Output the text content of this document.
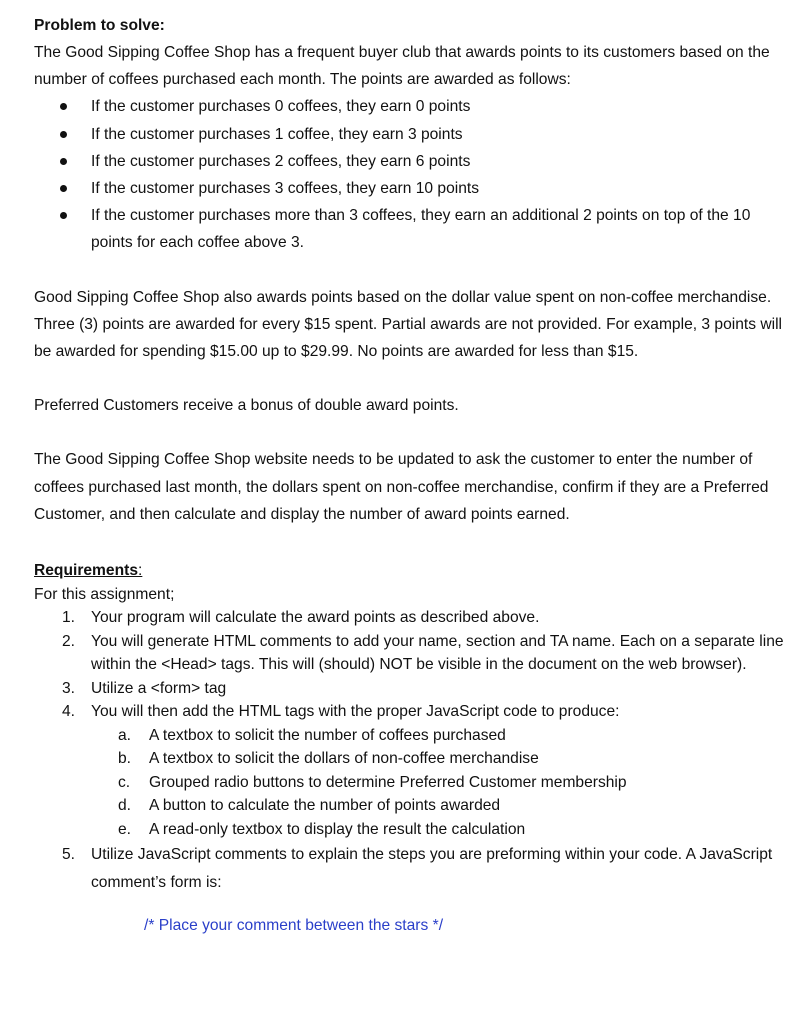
Problem to solve:
The Good Sipping Coffee Shop has a frequent buyer club that awards points to its customers based on the number of coffees purchased each month. The points are awarded as follows:
If the customer purchases 0 coffees, they earn 0 points
If the customer purchases 1 coffee, they earn 3 points
If the customer purchases 2 coffees, they earn 6 points
If the customer purchases 3 coffees, they earn 10 points
If the customer purchases more than 3 coffees, they earn an additional 2 points on top of the 10 points for each coffee above 3.
Good Sipping Coffee Shop also awards points based on the dollar value spent on non-coffee merchandise. Three (3) points are awarded for every $15 spent. Partial awards are not provided. For example, 3 points will be awarded for spending $15.00 up to $29.99. No points are awarded for less than $15.
Preferred Customers receive a bonus of double award points.
The Good Sipping Coffee Shop website needs to be updated to ask the customer to enter the number of coffees purchased last month, the dollars spent on non-coffee merchandise, confirm if they are a Preferred Customer, and then calculate and display the number of award points earned.
Requirements:
For this assignment;
1. Your program will calculate the award points as described above.
2. You will generate HTML comments to add your name, section and TA name. Each on a separate line within the <Head> tags. This will (should) NOT be visible in the document on the web browser).
3. Utilize a <form> tag
4. You will then add the HTML tags with the proper JavaScript code to produce:
a. A textbox to solicit the number of coffees purchased
b. A textbox to solicit the dollars of non-coffee merchandise
c. Grouped radio buttons to determine Preferred Customer membership
d. A button to calculate the number of points awarded
e. A read-only textbox to display the result the calculation
5. Utilize JavaScript comments to explain the steps you are preforming within your code. A JavaScript comment’s form is:
/* Place your comment between the stars */
